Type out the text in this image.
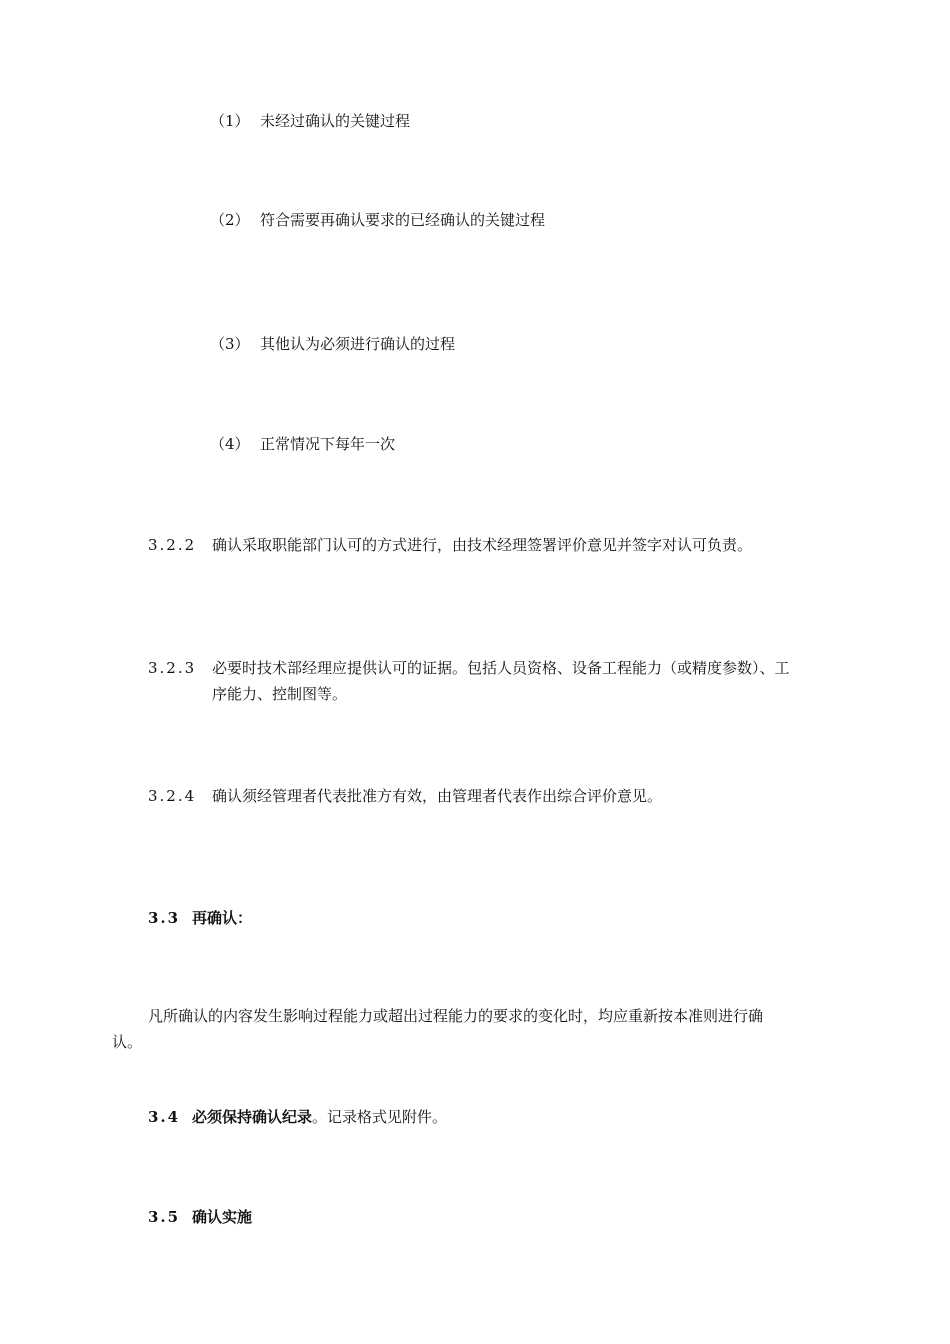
（1） 未经过确认的关键过程
（2） 符合需要再确认要求的已经确认的关键过程
（3） 其他认为必须进行确认的过程
（4） 正常情况下每年一次
3.2.2 确认采取职能部门认可的方式进行，由技术经理签署评价意见并签字对认可负责。
3.2.3 必要时技术部经理应提供认可的证据。包括人员资格、设备工程能力（或精度参数）、工
序能力、控制图等。
3.2.4 确认须经管理者代表批准方有效，由管理者代表作出综合评价意见。
3.3 再确认：
凡所确认的内容发生影响过程能力或超出过程能力的要求的变化时，均应重新按本准则进行确
认。
3.4 必须保持确认纪录。记录格式见附件。
3.5 确认实施
